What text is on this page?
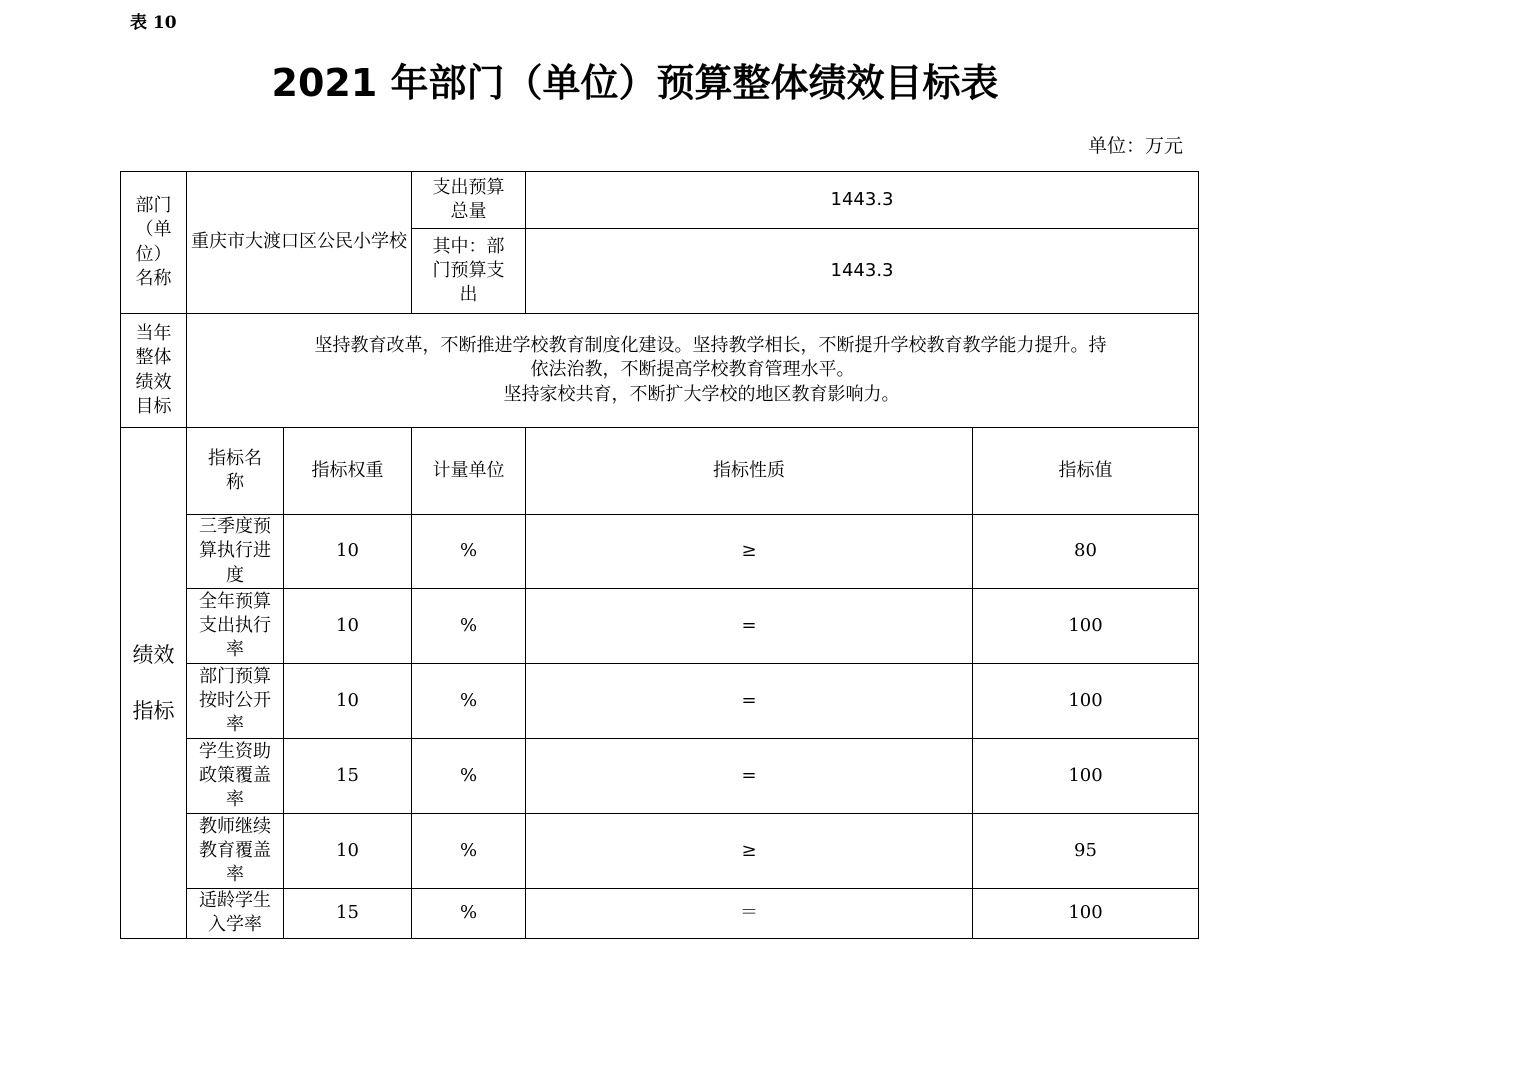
表 10
2021 年部门（单位）预算整体绩效目标表
单位：万元
部门（单位）名称	重庆市大渡口区公民小学校		支出预算总量	1443.3	

			其中：部门预算支出	1443.3	

当年整体绩效目标	坚持教育改革，不断推进学校教育制度化建设。坚持教学相长，不断提升学校教育教学能力提升。持
依法治教，不断提高学校教育管理水平。
坚持家校共育，不断扩大学校的地区教育影响力。				

绩效
指标	指标名称	指标权重	计量单位	指标性质	指标值

	三季度预算执行进度	10	%	≥	80

	全年预算支出执行率	10	%	=	100

	部门预算按时公开率	10	%	=	100

	学生资助政策覆盖率	15	%	=	100

	教师继续教育覆盖率	10	%	≥	95

	适龄学生入学率	15	%	＝	100
